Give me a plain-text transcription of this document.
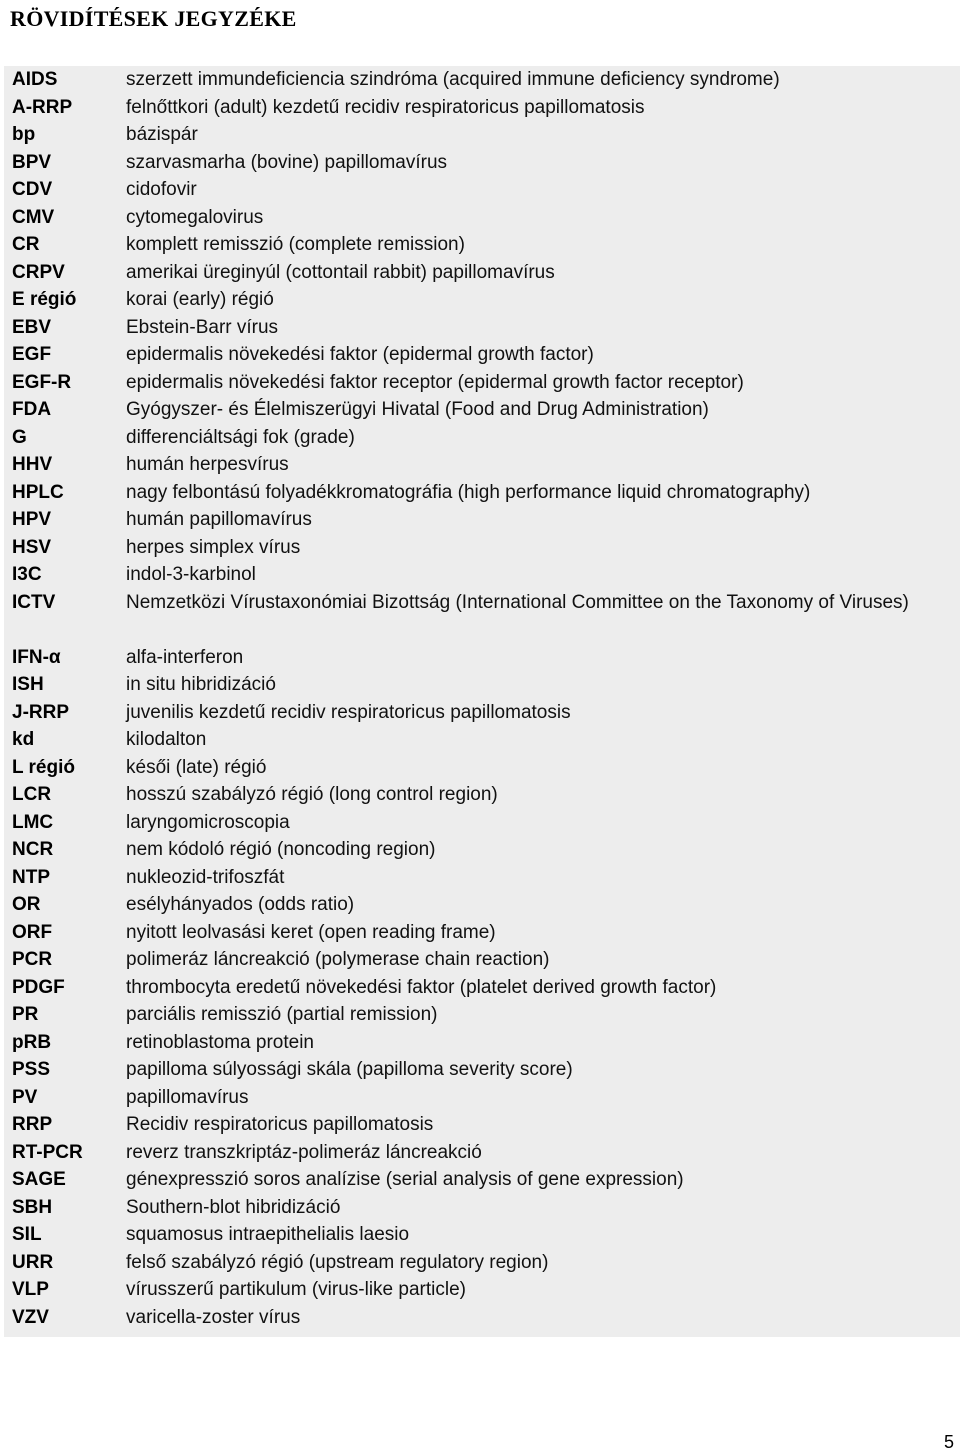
RÖVIDÍTÉSEK JEGYZÉKE
AIDS	szerzett immundeficiencia szindróma (acquired immune deficiency syndrome)
A-RRP	felnőttkori (adult) kezdetű recidiv respiratoricus papillomatosis
bp	bázispár
BPV	szarvasmarha (bovine) papillomavírus
CDV	cidofovir
CMV	cytomegalovirus
CR	komplett remisszió (complete remission)
CRPV	amerikai üreginyúl (cottontail rabbit) papillomavírus
E régió	korai (early) régió
EBV	Ebstein-Barr vírus
EGF	epidermalis növekedési faktor (epidermal growth factor)
EGF-R	epidermalis növekedési faktor receptor (epidermal growth factor receptor)
FDA	Gyógyszer- és Élelmiszerügyi Hivatal (Food and Drug Administration)
G	differenciáltsági fok (grade)
HHV	humán herpesvírus
HPLC	nagy felbontású folyadékkromatográfia (high performance liquid chromatography)
HPV	humán papillomavírus
HSV	herpes simplex vírus
I3C	indol-3-karbinol
ICTV	Nemzetközi Vírustaxonómiai Bizottság (International Committee on the Taxonomy of Viruses)
IFN-α	alfa-interferon
ISH	in situ hibridizáció
J-RRP	juvenilis kezdetű recidiv respiratoricus papillomatosis
kd	kilodalton
L régió	késői (late) régió
LCR	hosszú szabályzó régió (long control region)
LMC	laryngomicroscopia
NCR	nem kódoló régió (noncoding region)
NTP	nukleozid-trifoszfát
OR	esélyhányados (odds ratio)
ORF	nyitott leolvasási keret (open reading frame)
PCR	polimeráz láncreakció (polymerase chain reaction)
PDGF	thrombocyta eredetű növekedési faktor (platelet derived growth factor)
PR	parciális remisszió (partial remission)
pRB	retinoblastoma protein
PSS	papilloma súlyossági skála (papilloma severity score)
PV	papillomavírus
RRP	Recidiv respiratoricus papillomatosis
RT-PCR	reverz transzkriptáz-polimeráz láncreakció
SAGE	génexpresszió soros analízise (serial analysis of gene expression)
SBH	Southern-blot hibridizáció
SIL	squamosus intraepithelialis laesio
URR	felső szabályzó régió (upstream regulatory region)
VLP	vírusszerű partikulum (virus-like particle)
VZV	varicella-zoster vírus
5
